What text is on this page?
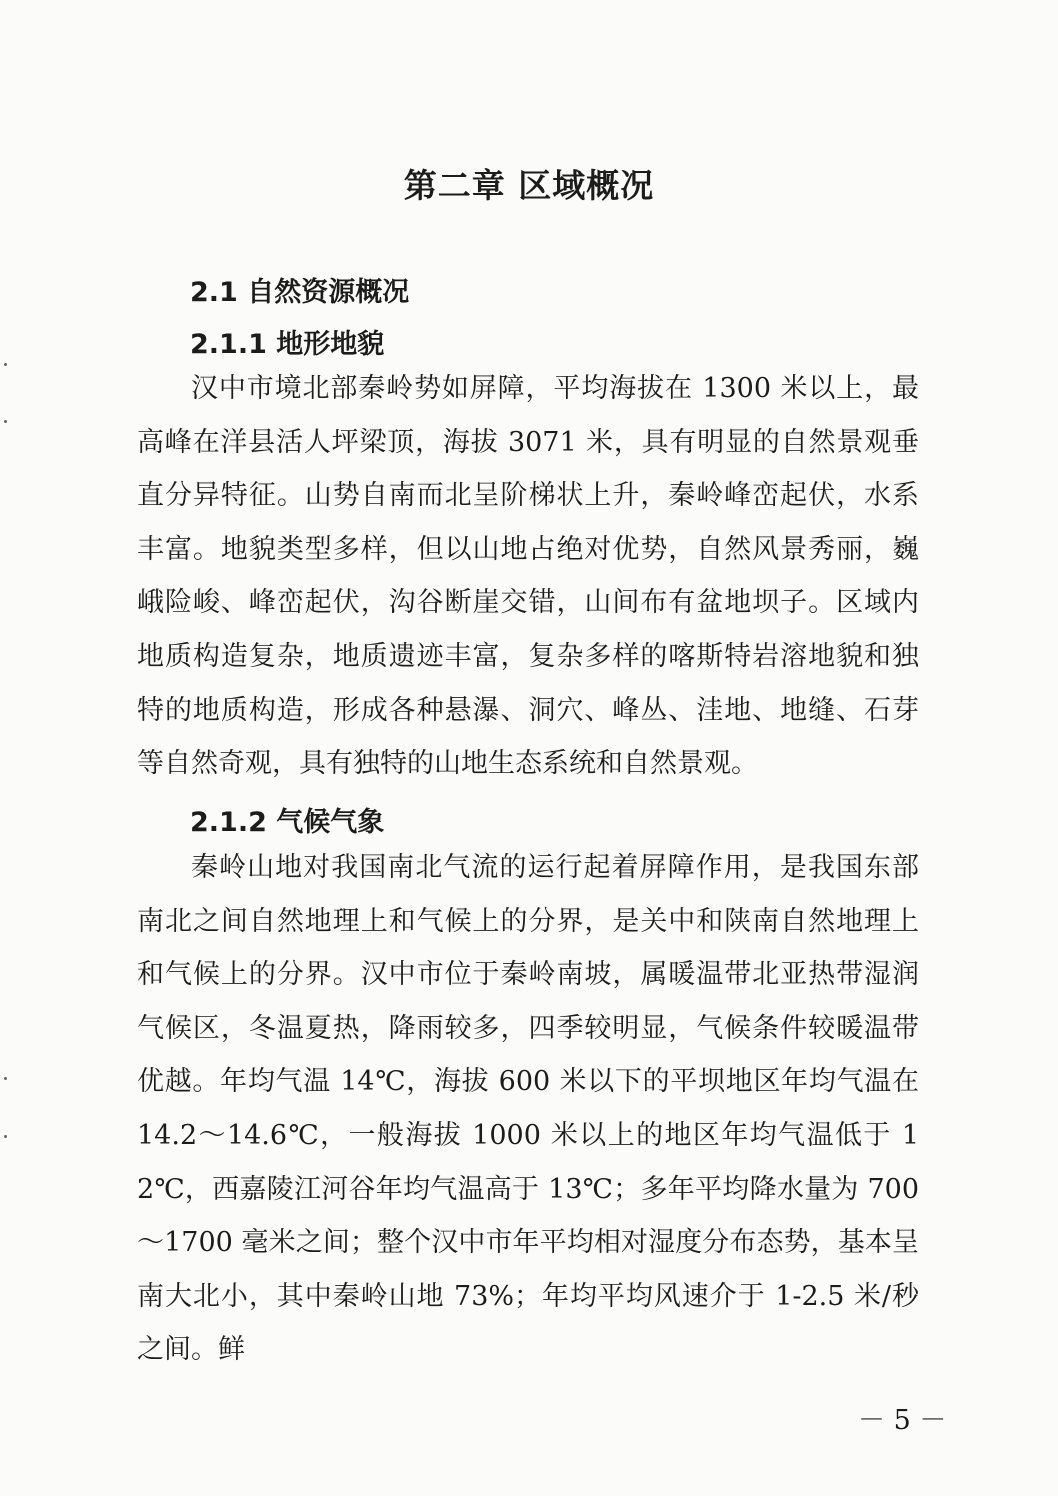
第二章 区域概况
2.1 自然资源概况
2.1.1 地形地貌

汉中市境北部秦岭势如屏障，平均海拔在 1300 米以上，最高峰在洋县活人坪梁顶，海拔 3071 米，具有明显的自然景观垂直分异特征。山势自南而北呈阶梯状上升，秦岭峰峦起伏，水系丰富。地貌类型多样，但以山地占绝对优势，自然风景秀丽，巍峨险峻、峰峦起伏，沟谷断崖交错，山间布有盆地坝子。区域内地质构造复杂，地质遗迹丰富，复杂多样的喀斯特岩溶地貌和独特的地质构造，形成各种悬瀑、洞穴、峰丛、洼地、地缝、石芽等自然奇观，具有独特的山地生态系统和自然景观。

2.1.2 气候气象

秦岭山地对我国南北气流的运行起着屏障作用，是我国东部南北之间自然地理上和气候上的分界，是关中和陕南自然地理上和气候上的分界。汉中市位于秦岭南坡，属暖温带北亚热带湿润气候区，冬温夏热，降雨较多，四季较明显，气候条件较暖温带优越。年均气温 14℃，海拔 600 米以下的平坝地区年均气温在 14.2～14.6℃，一般海拔 1000 米以上的地区年均气温低于 12℃，西嘉陵江河谷年均气温高于 13℃；多年平均降水量为 700～1700 毫米之间；整个汉中市年平均相对湿度分布态势，基本呈南大北小，其中秦岭山地 73%；年均平均风速介于 1-2.5 米/秒之间。鲜

－ 5 －
